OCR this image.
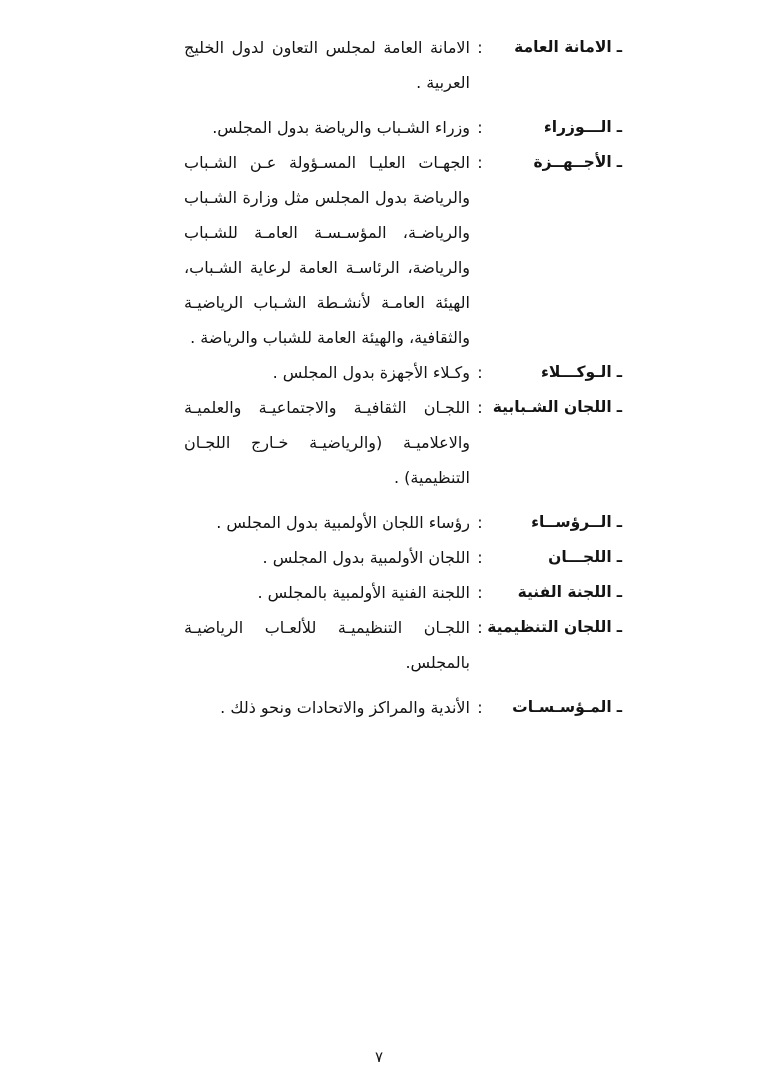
ـالامانة العامة
:
الامانة العامة لمجلس التعاون لدول الخليج العربية .
ـالـــوزراء
:
وزراء الشـباب والرياضة بدول المجلس.
ـالأجــهــزة
:
الجهـات العليـا المسـؤولة عـن الشـباب والرياضة بدول المجلس مثل وزارة الشـباب والرياضـة، المؤسـسـة العامـة للشـباب والرياضة، الرئاسـة العامة لرعاية الشـباب، الهيئة العامـة لأنشـطة الشـباب الرياضيـة والثقافية، والهيئة العامة للشباب والرياضة .
ـالـوكـــلاء
:
وكـلاء الأجهزة بدول المجلس .
ـاللجان الشـبابية
:
اللجـان الثقافيـة والاجتماعيـة والعلميـة والاعلاميـة (والرياضيـة خـارج اللجـان التنظيمية) .
ـالــرؤســاء
:
رؤساء اللجان الأولمبية بدول المجلس .
ـاللجـــان
:
اللجان الأولمبية بدول المجلس .
ـاللجنة الفنية
:
اللجنة الفنية الأولمبية بالمجلس .
ـاللجان التنظيمية
:
اللجـان التنظيميـة للألعـاب الرياضيـة بالمجلس.
ـالمـؤسـسـات
:
الأندية والمراكز والاتحادات ونحو ذلك .
٧
